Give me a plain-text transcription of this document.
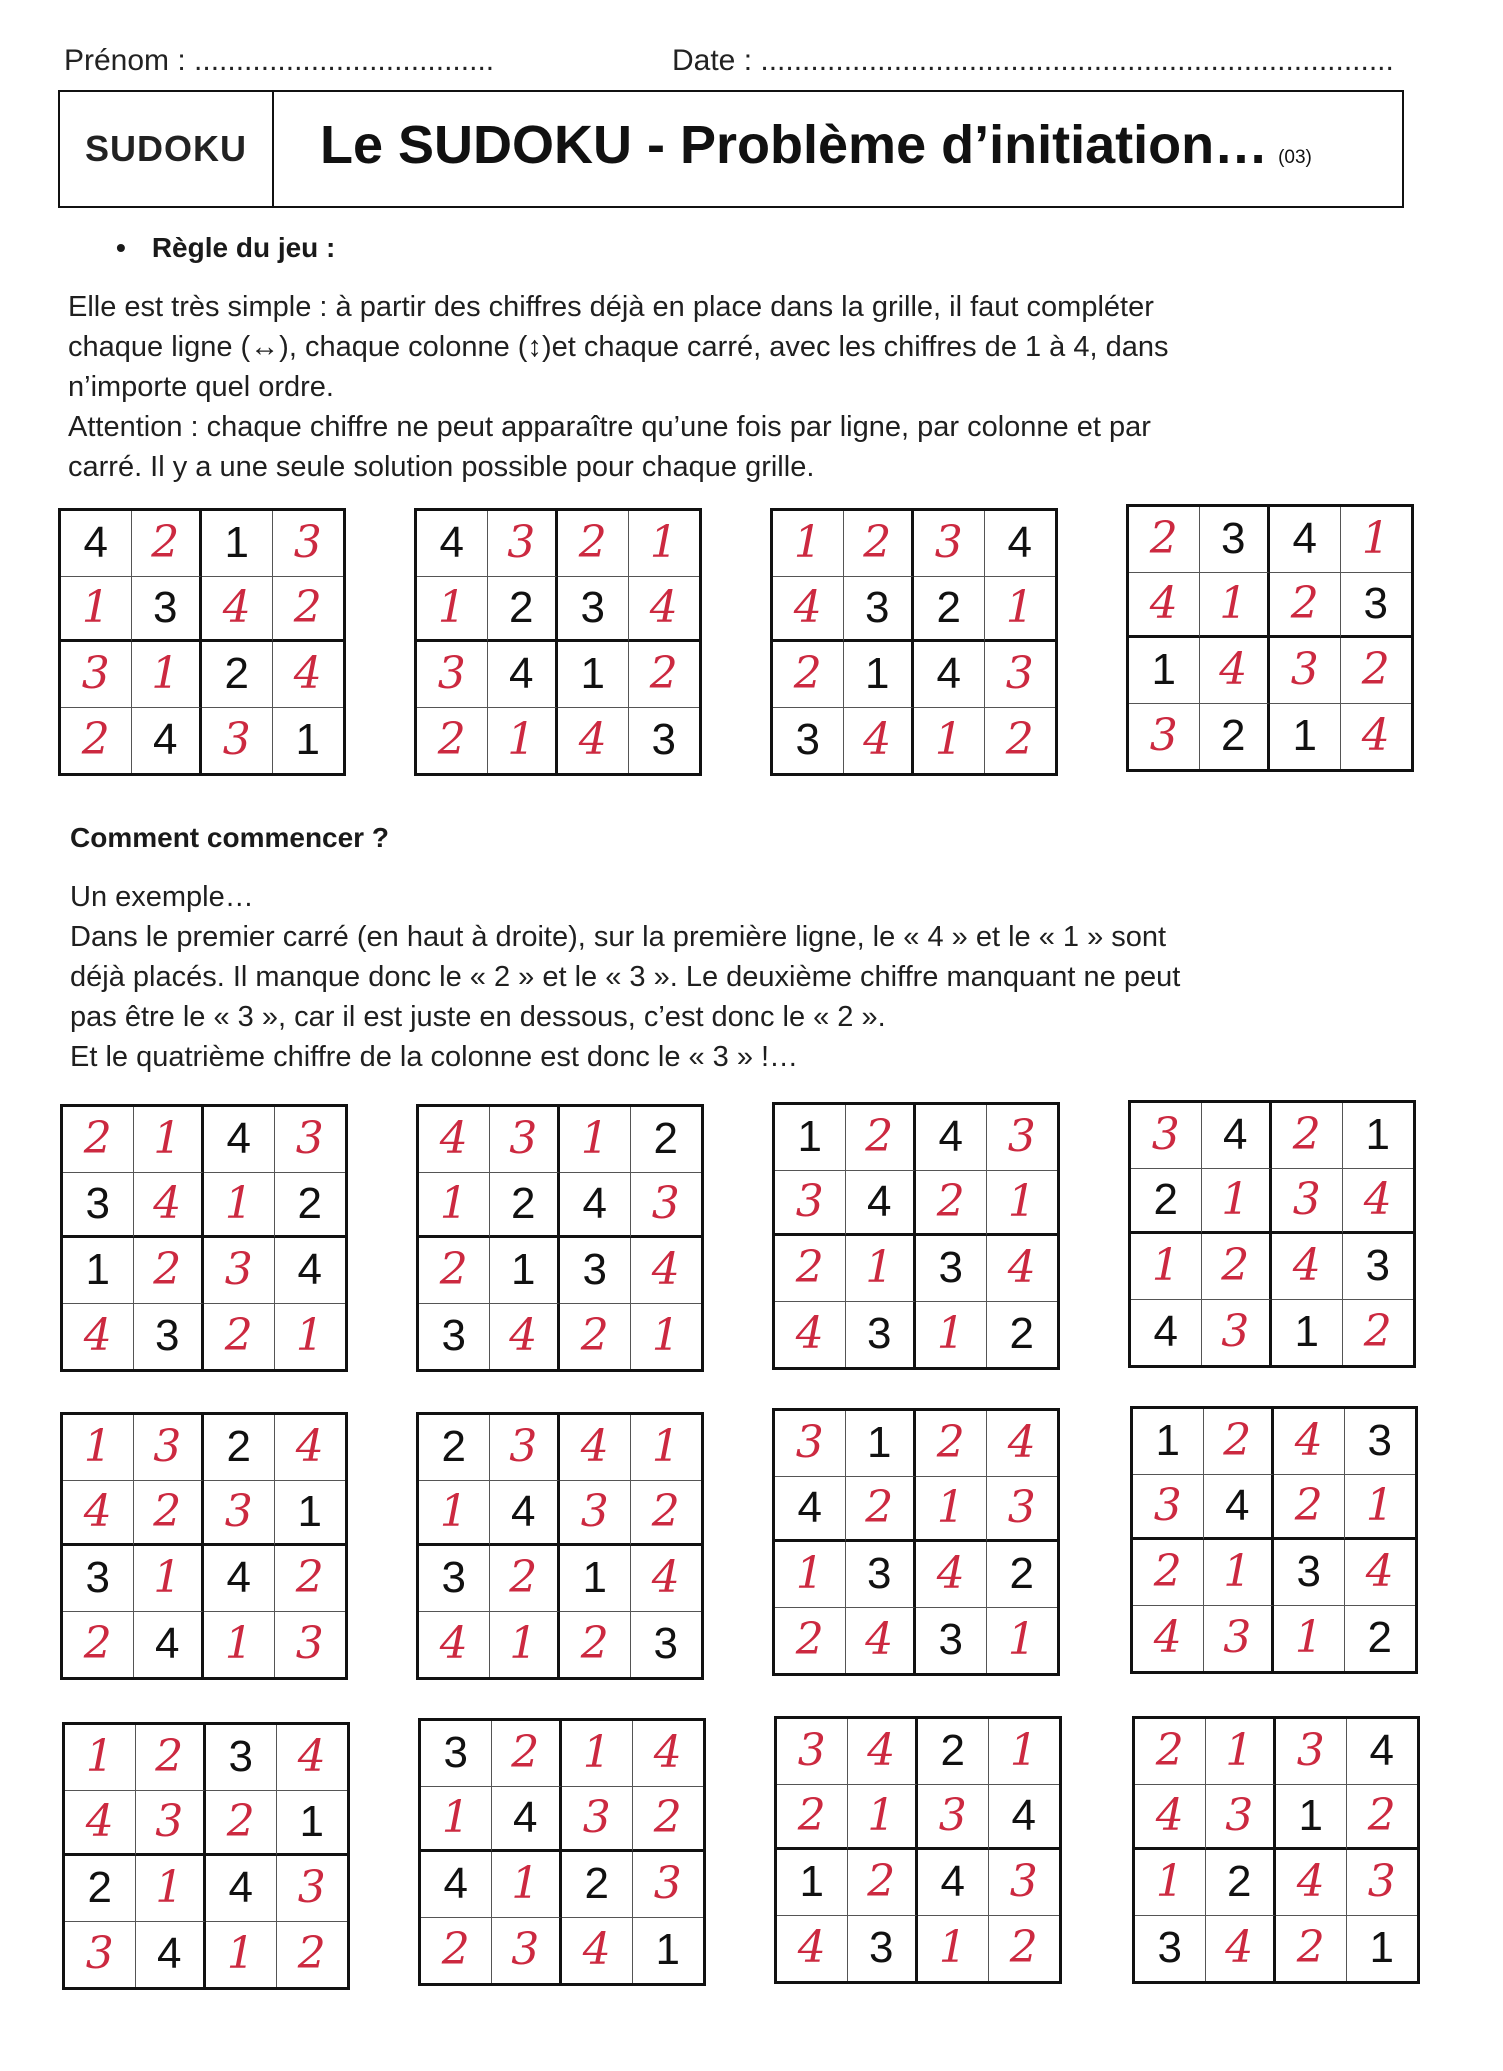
Prénom : ....................................	Date : ............................................................................
SUDOKU Le SUDOKU - Problème d’initiation… (03)
• Règle du jeu :
Elle est très simple : à partir des chiffres déjà en place dans la grille, il faut compléter
chaque ligne (↔), chaque colonne (↕)et chaque carré, avec les chiffres de 1 à 4, dans
n’importe quel ordre.
Attention : chaque chiffre ne peut apparaître qu’une fois par ligne, par colonne et par
carré. Il y a une seule solution possible pour chaque grille.
Comment commencer ?
Un exemple…
Dans le premier carré (en haut à droite), sur la première ligne, le « 4 » et le « 1 » sont
déjà placés. Il manque donc le « 2 » et le « 3 ». Le deuxième chiffre manquant ne peut
pas être le « 3 », car il est juste en dessous, c’est donc le « 2 ».
Et le quatrième chiffre de la colonne est donc le « 3 » !…
4 2	1	3
1 3	4 2
3 1	2	4
2 4	3	1
4 3 2 1
1 2	3	4
3 4	1	2
2 1 4	3
1 2 3	4
4 3	2	1
2 1	4	3
3 4 1 2
2 3	4	1
4 1 2	3
1 4 3 2
3 2	1	4
2 1	4	3
3 4 1	2
1 2 3	4
4 3	2 1
4 3 1	2
1 2	4	3
2 1	3	4
3 4 2 1
1 2	4	3
3 4	2 1
2 1	3	4
4 3	1	2
3 4	2	1
2 1 3 4
1 2 4	3
4 3	1	2
1 3	2	4
4 2 3	1
3 1	4	2
2 4	1 3
2 3 4 1
1 4	3 2
3 2	1	4
4 1 2	3
3 1	2 4
4 2 1 3
1 3	4	2
2 4	3	1
1 2 4	3
3 4	2 1
2 1	3	4
4 3 1	2
1 2	3	4
4 3 2	1
2 1	4	3
3 4	1 2
3 2 1 4
1 4	3 2
4 1	2	3
2 3 4	1
3 4	2	1
2 1 3	4
1 2	4	3
4 3	1 2
2 1 3	4
4 3	1	2
1 2	4 3
3 4 2	1
